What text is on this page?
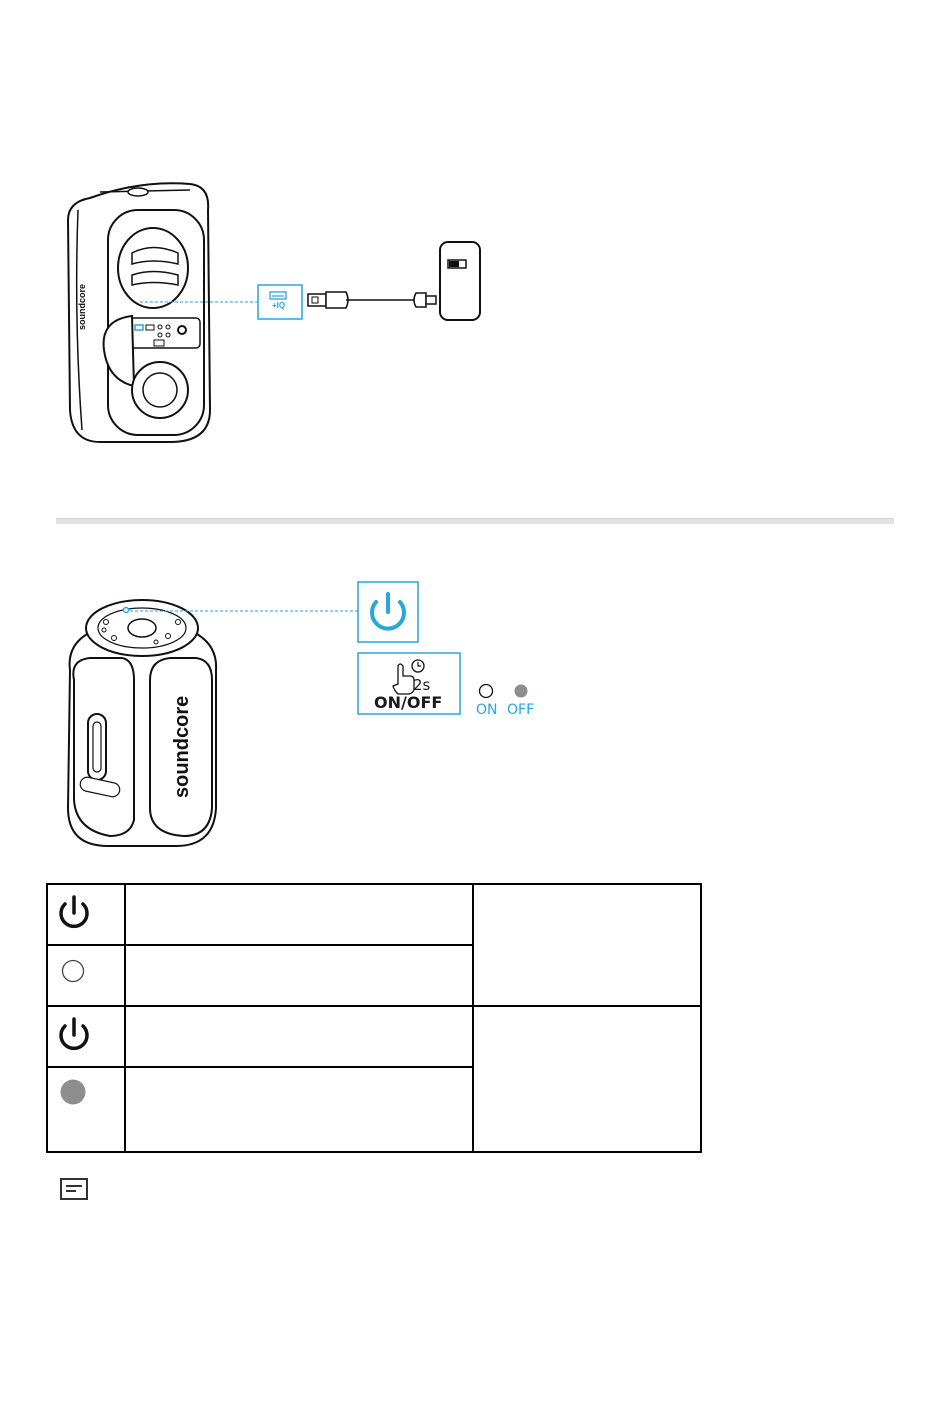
soundcore	+IQ
soundcore
2s
ON/OFF ON OFF
